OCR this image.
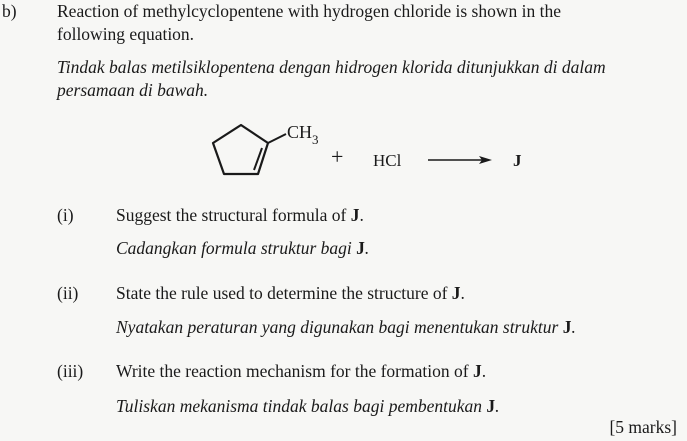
b) Reaction of methylcyclopentene with hydrogen chloride is shown in the
following equation.
Tindak balas metilsiklopentena dengan hidrogen klorida ditunjukkan di dalam
persamaan di bawah.
$CH_3$
+ HCl	J
(i) Suggest the structural formula of J.
Cadangkan formula struktur bagi J.
(ii) State the rule used to determine the structure of J.
Nyatakan peraturan yang digunakan bagi menentukan struktur J.
(iii) Write the reaction mechanism for the formation of J.
Tuliskan mekanisma tindak balas bagi pembentukan J.
[5 marks]
